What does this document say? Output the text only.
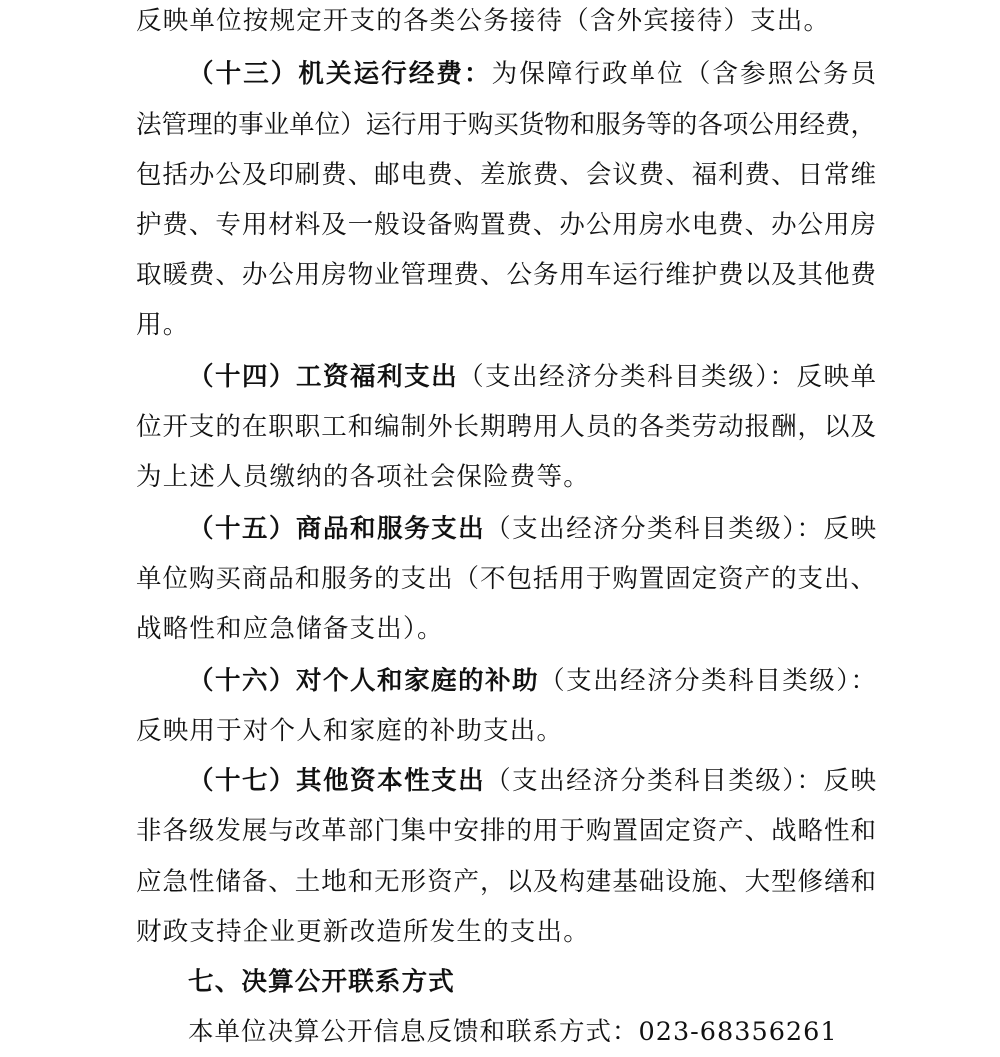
反映单位按规定开支的各类公务接待（含外宾接待）支出。
（十三）机关运行经费：为保障行政单位（含参照公务员
法管理的事业单位）运行用于购买货物和服务等的各项公用经费，
包括办公及印刷费、邮电费、差旅费、会议费、福利费、日常维
护费、专用材料及一般设备购置费、办公用房水电费、办公用房
取暖费、办公用房物业管理费、公务用车运行维护费以及其他费
用。
（十四）工资福利支出（支出经济分类科目类级）：反映单
位开支的在职职工和编制外长期聘用人员的各类劳动报酬，以及
为上述人员缴纳的各项社会保险费等。
（十五）商品和服务支出（支出经济分类科目类级）：反映
单位购买商品和服务的支出（不包括用于购置固定资产的支出、
战略性和应急储备支出）。
（十六）对个人和家庭的补助（支出经济分类科目类级）：
反映用于对个人和家庭的补助支出。
（十七）其他资本性支出（支出经济分类科目类级）：反映
非各级发展与改革部门集中安排的用于购置固定资产、战略性和
应急性储备、土地和无形资产，以及构建基础设施、大型修缮和
财政支持企业更新改造所发生的支出。
七、决算公开联系方式
本单位决算公开信息反馈和联系方式：023-68356261
